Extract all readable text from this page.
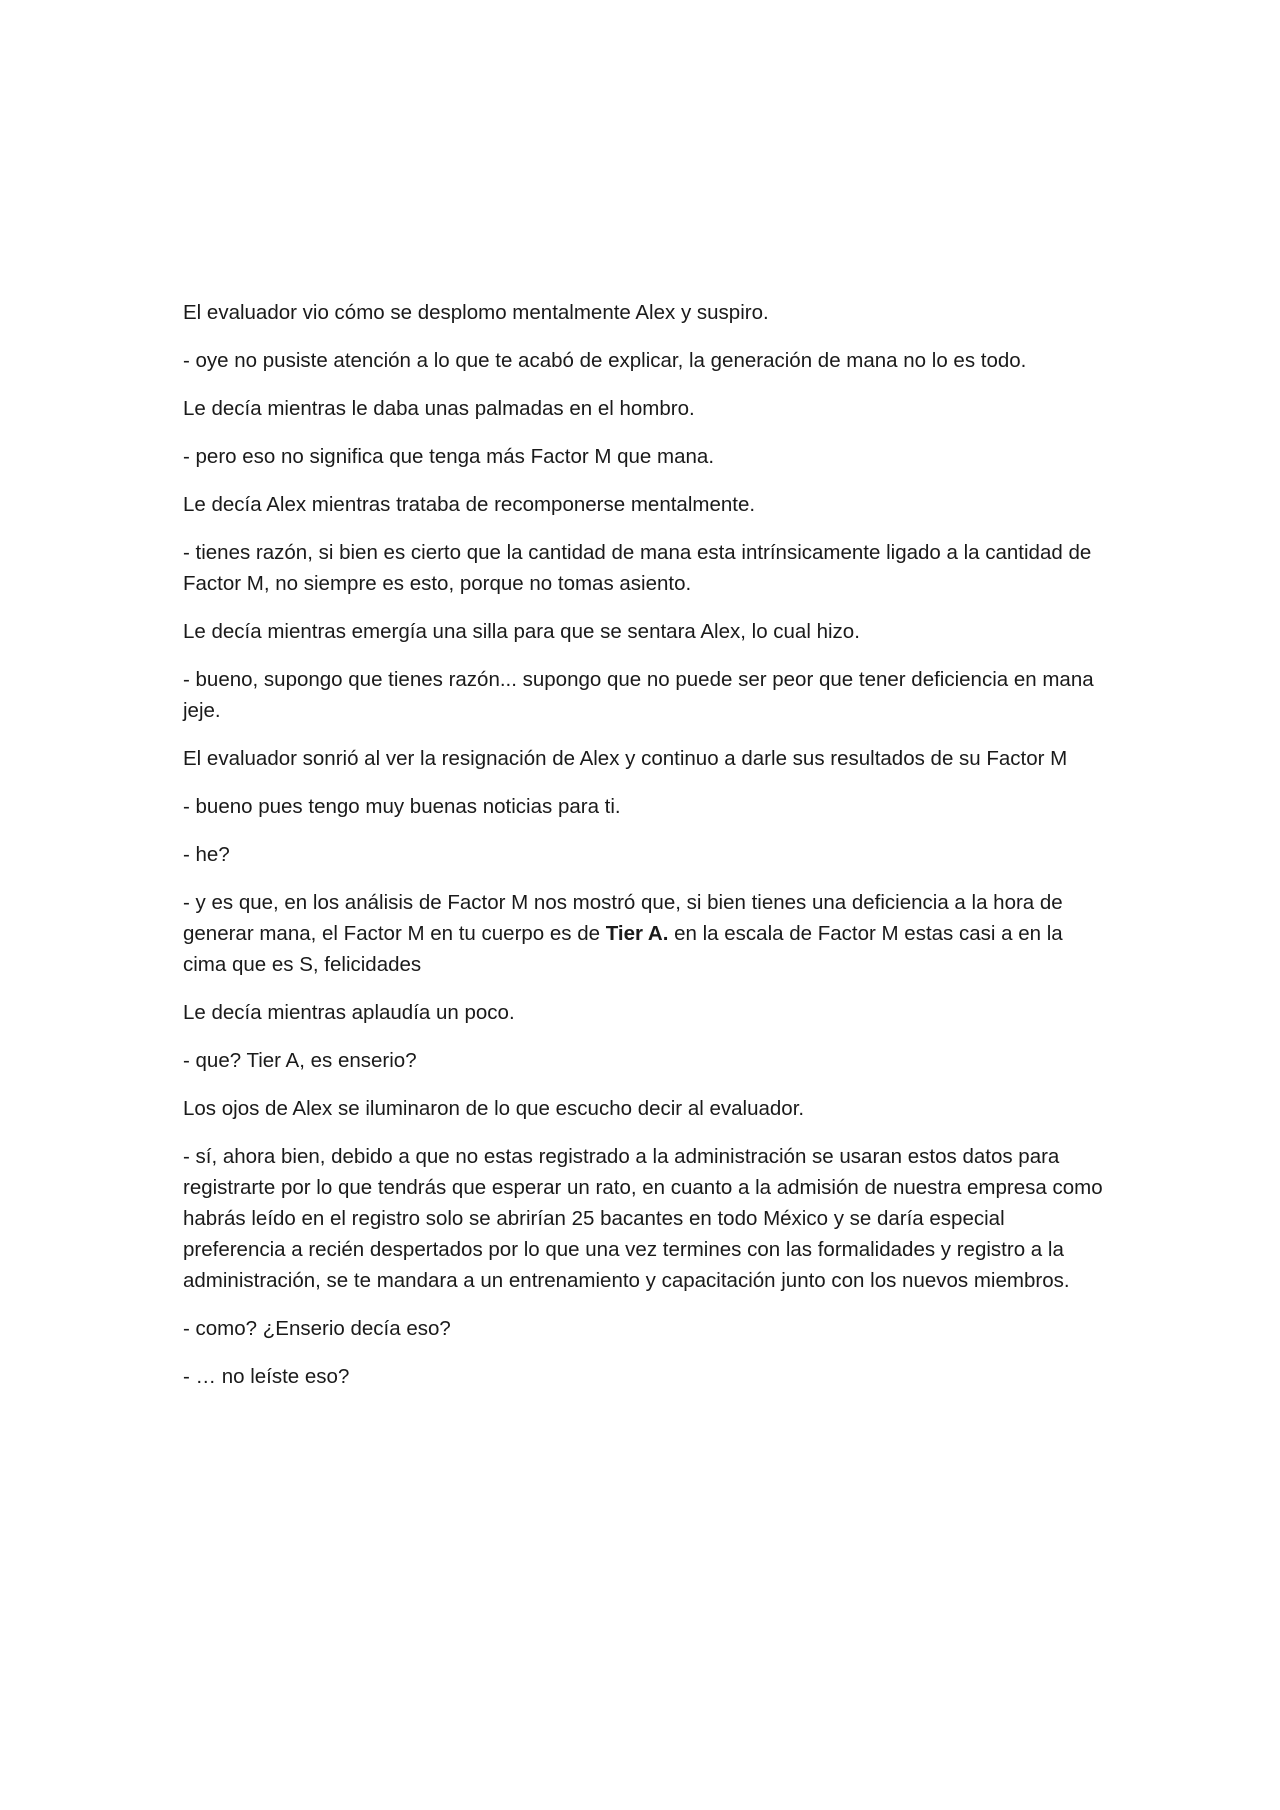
El evaluador vio cómo se desplomo mentalmente Alex y suspiro.

- oye no pusiste atención a lo que te acabó de explicar, la generación de mana no lo es todo.

Le decía mientras le daba unas palmadas en el hombro.

- pero eso no significa que tenga más Factor M que mana.

Le decía Alex mientras trataba de recomponerse mentalmente.

- tienes razón, si bien es cierto que la cantidad de mana esta intrínsicamente ligado a la cantidad de Factor M, no siempre es esto, porque no tomas asiento.

Le decía mientras emergía una silla para que se sentara Alex, lo cual hizo.

- bueno, supongo que tienes razón... supongo que no puede ser peor que tener deficiencia en mana jeje.

El evaluador sonrió al ver la resignación de Alex y continuo a darle sus resultados de su Factor M

- bueno pues tengo muy buenas noticias para ti.

- he?

- y es que, en los análisis de Factor M nos mostró que, si bien tienes una deficiencia a la hora de generar mana, el Factor M en tu cuerpo es de Tier A. en la escala de Factor M estas casi a en la cima que es S, felicidades

Le decía mientras aplaudía un poco.

- que? Tier A, es enserio?

Los ojos de Alex se iluminaron de lo que escucho decir al evaluador.

- sí, ahora bien, debido a que no estas registrado a la administración se usaran estos datos para registrarte por lo que tendrás que esperar un rato, en cuanto a la admisión de nuestra empresa como habrás leído en el registro solo se abrirían 25 bacantes en todo México y se daría especial preferencia a recién despertados por lo que una vez termines con las formalidades y registro a la administración, se te mandara a un entrenamiento y capacitación junto con los nuevos miembros.

- como? ¿Enserio decía eso?

- … no leíste eso?
